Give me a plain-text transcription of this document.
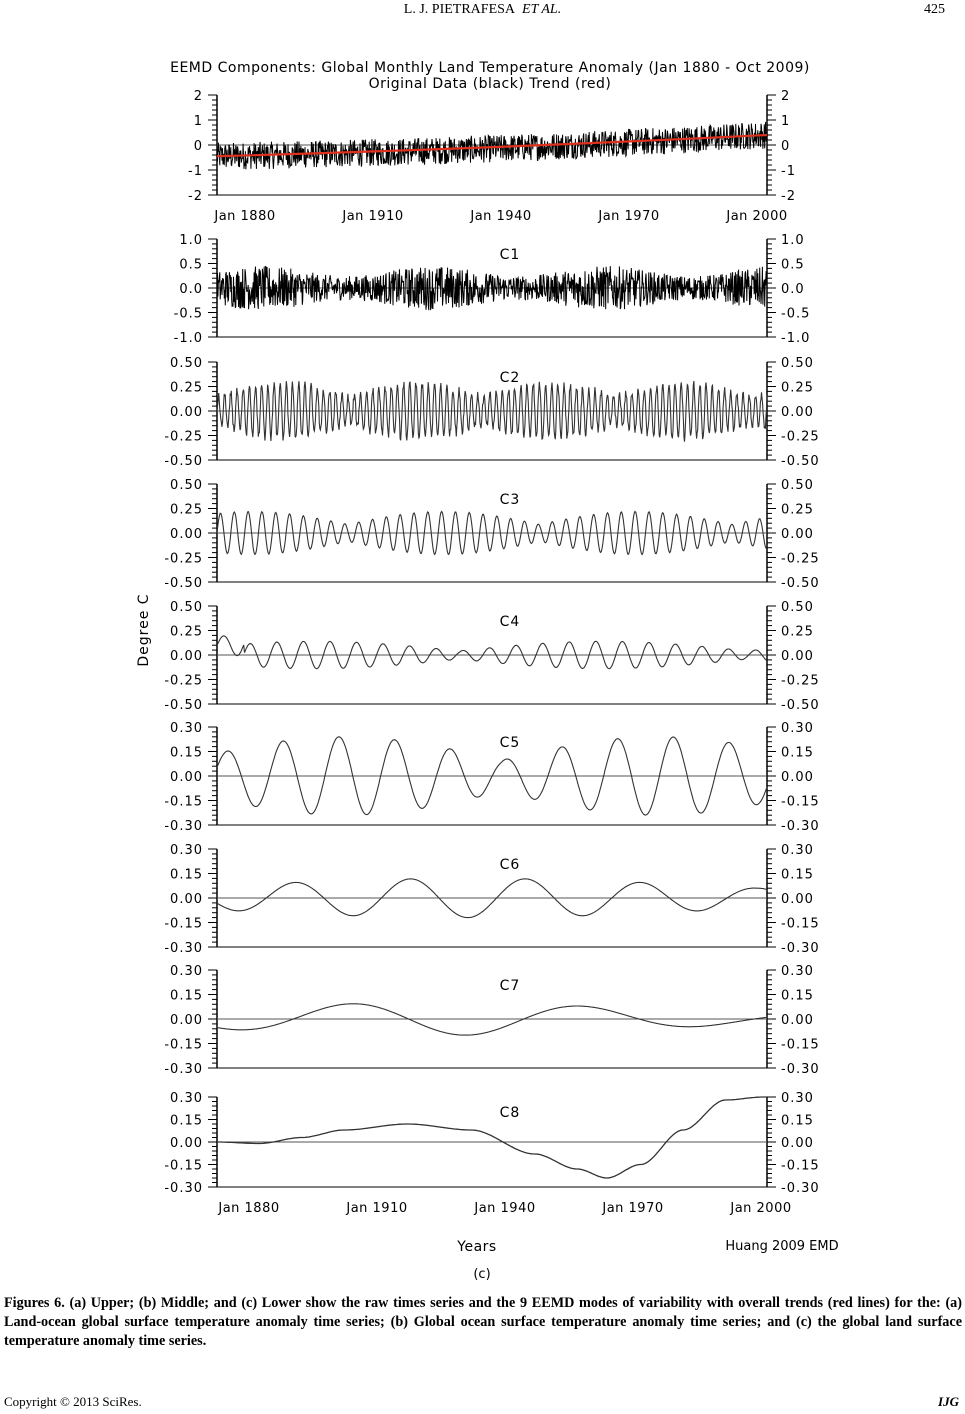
L. J. PIETRAFESA ET AL.	425
EEMD Components: Global Monthly Land Temperature Anomaly (Jan 1880 - Oct 2009)
Original Data (black) Trend (red)
2	2
1	1
0	0
-1	-1
-2	-2
1.0	1.0
0.5	0.5
0.0	0.0
-0.5	-0.5
-1.0	-1.0
C1
0.50	0.50
0.25	0.25
0.00	0.00
-0.25	-0.25
-0.50	-0.50
C2
0.50	0.50
0.25	0.25
0.00	0.00
-0.25	-0.25
-0.50	-0.50
C3
0.50	0.50
0.25	0.25
0.00	0.00
-0.25	-0.25
-0.50	-0.50
C4
0.30	0.30
0.15	0.15
0.00	0.00
-0.15	-0.15
-0.30	-0.30
C5
0.30	0.30
0.15	0.15
0.00	0.00
-0.15	-0.15
-0.30	-0.30
C6
0.30	0.30
0.15	0.15
0.00	0.00
-0.15	-0.15
-0.30	-0.30
C7
0.30	0.30
0.15	0.15
0.00	0.00
-0.15	-0.15
-0.30	-0.30
C8
Jan 1880	Jan 1910	Jan 1940	Jan 1970	Jan 2000
Jan 1880	Jan 1910	Jan 1940	Jan 1970	Jan 2000
Degree C
Years	Huang 2009 EMD
(c)
Figures 6. (a) Upper; (b) Middle; and (c) Lower show the raw times series and the 9 EEMD modes of variability with overall trends (red lines) for the: (a) Land-ocean global surface temperature anomaly time series; (b) Global ocean surface temperature anomaly time series; and (c) the global land surface temperature anomaly time series.
Copyright © 2013 SciRes.	IJG
